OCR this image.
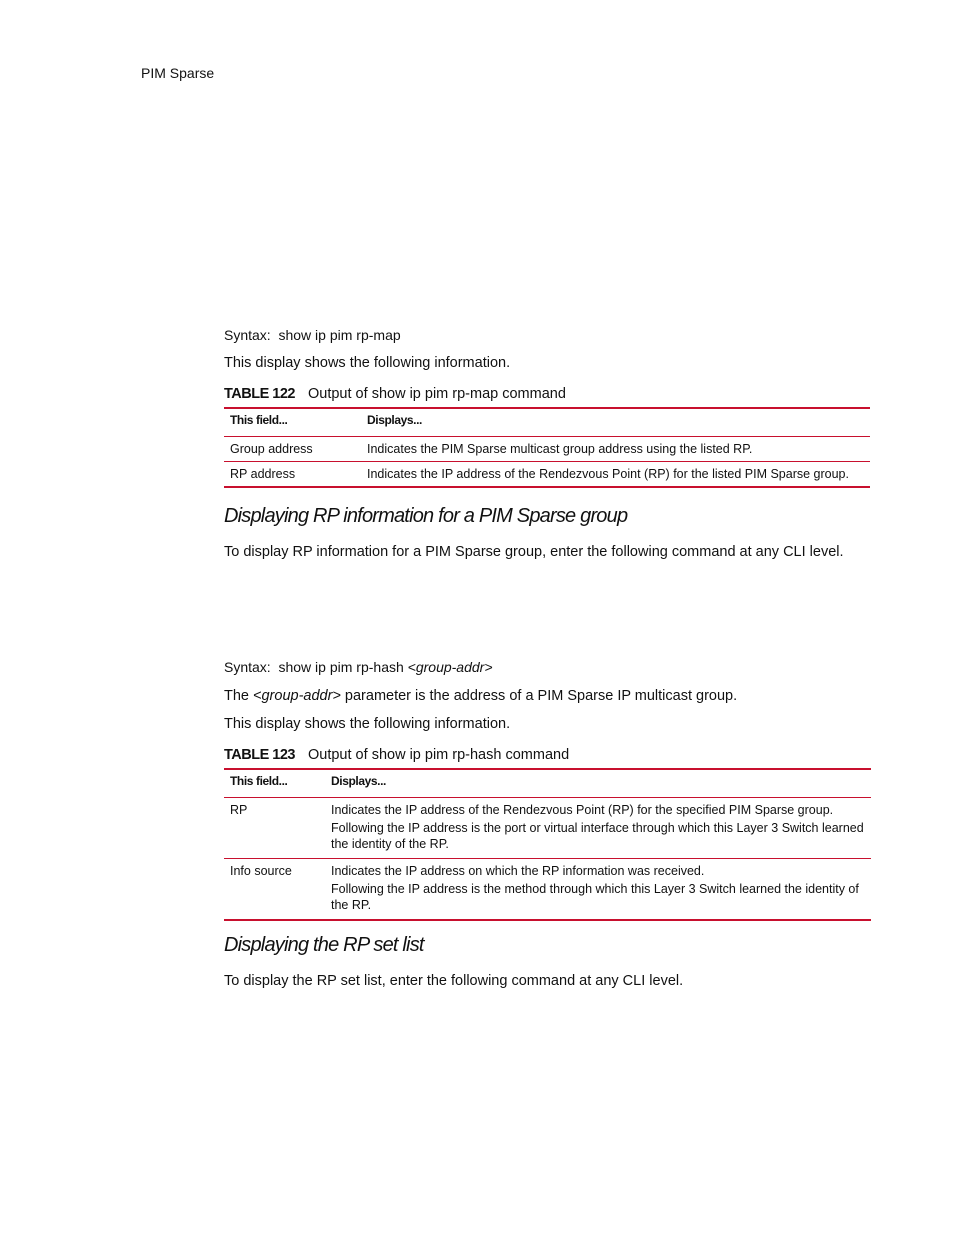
PIM Sparse
Syntax: show ip pim rp-map
This display shows the following information.
TABLE 122 Output of show ip pim rp-map command
This field...	Displays...
Group address	Indicates the PIM Sparse multicast group address using the listed RP.
RP address	Indicates the IP address of the Rendezvous Point (RP) for the listed PIM Sparse group.
Displaying RP information for a PIM Sparse group
To display RP information for a PIM Sparse group, enter the following command at any CLI level.
Syntax: show ip pim rp-hash <group-addr>
The <group-addr> parameter is the address of a PIM Sparse IP multicast group.
This display shows the following information.
TABLE 123 Output of show ip pim rp-hash command
This field...	Displays...
RP	Indicates the IP address of the Rendezvous Point (RP) for the specified PIM Sparse group.

Following the IP address is the port or virtual interface through which this Layer 3 Switch learned the identity of the RP.

Info source	Indicates the IP address on which the RP information was received.

Following the IP address is the method through which this Layer 3 Switch learned the identity of the RP.

Displaying the RP set list
To display the RP set list, enter the following command at any CLI level.
